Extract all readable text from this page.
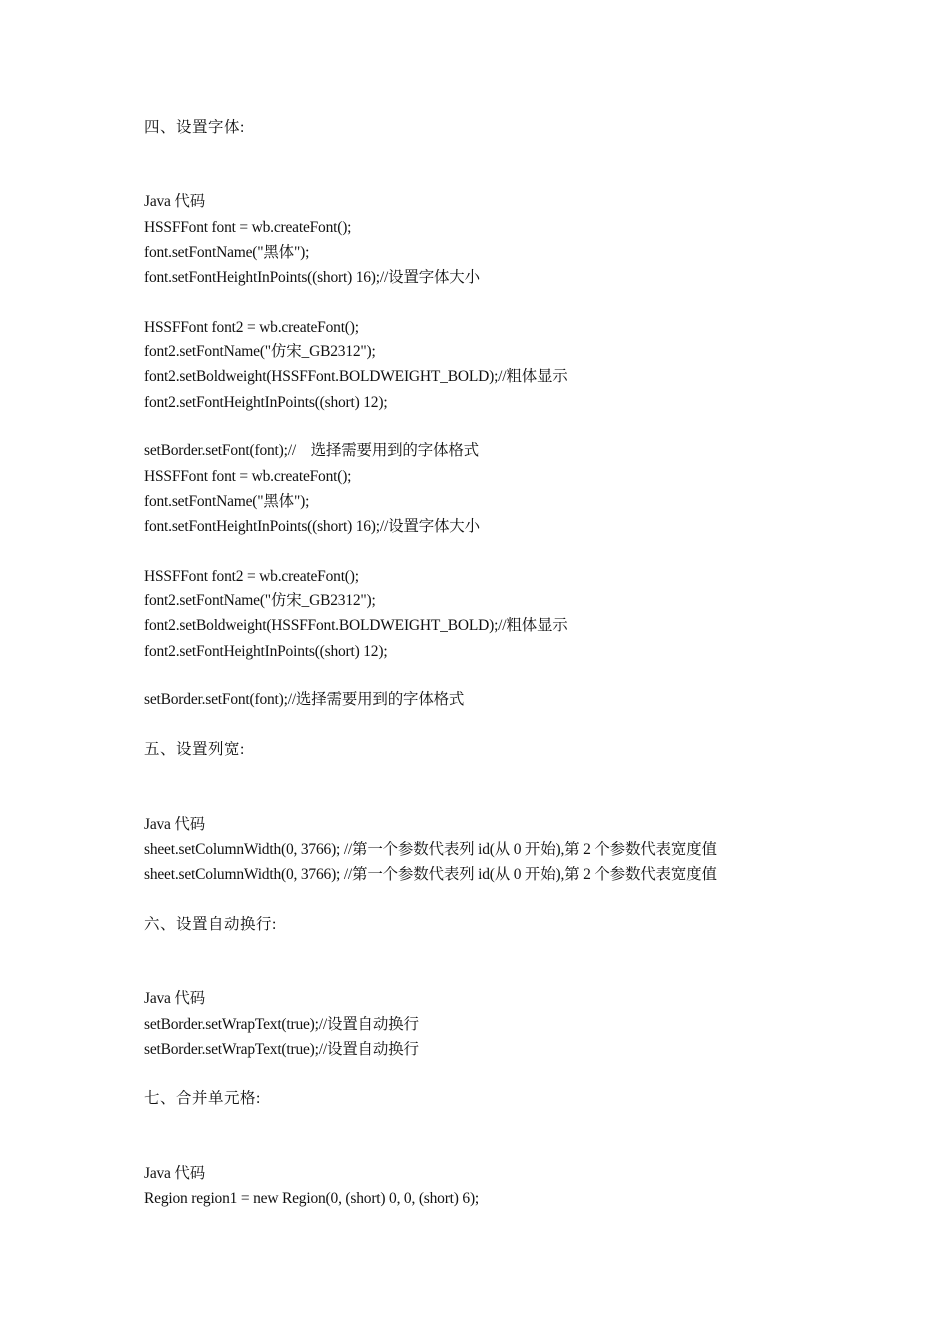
四、设置字体:
Java 代码
HSSFFont font = wb.createFont();
font.setFontName("黑体");
font.setFontHeightInPoints((short) 16);//设置字体大小
HSSFFont font2 = wb.createFont();
font2.setFontName("仿宋_GB2312");
font2.setBoldweight(HSSFFont.BOLDWEIGHT_BOLD);//粗体显示
font2.setFontHeightInPoints((short) 12);
setBorder.setFont(font);//    选择需要用到的字体格式
HSSFFont font = wb.createFont();
font.setFontName("黑体");
font.setFontHeightInPoints((short) 16);//设置字体大小
HSSFFont font2 = wb.createFont();
font2.setFontName("仿宋_GB2312");
font2.setBoldweight(HSSFFont.BOLDWEIGHT_BOLD);//粗体显示
font2.setFontHeightInPoints((short) 12);
setBorder.setFont(font);//选择需要用到的字体格式
五、设置列宽:
Java 代码
sheet.setColumnWidth(0, 3766); //第一个参数代表列 id(从 0 开始),第 2 个参数代表宽度值
sheet.setColumnWidth(0, 3766); //第一个参数代表列 id(从 0 开始),第 2 个参数代表宽度值
六、设置自动换行:
Java 代码
setBorder.setWrapText(true);//设置自动换行
setBorder.setWrapText(true);//设置自动换行
七、合并单元格:
Java 代码
Region region1 = new Region(0, (short) 0, 0, (short) 6);
